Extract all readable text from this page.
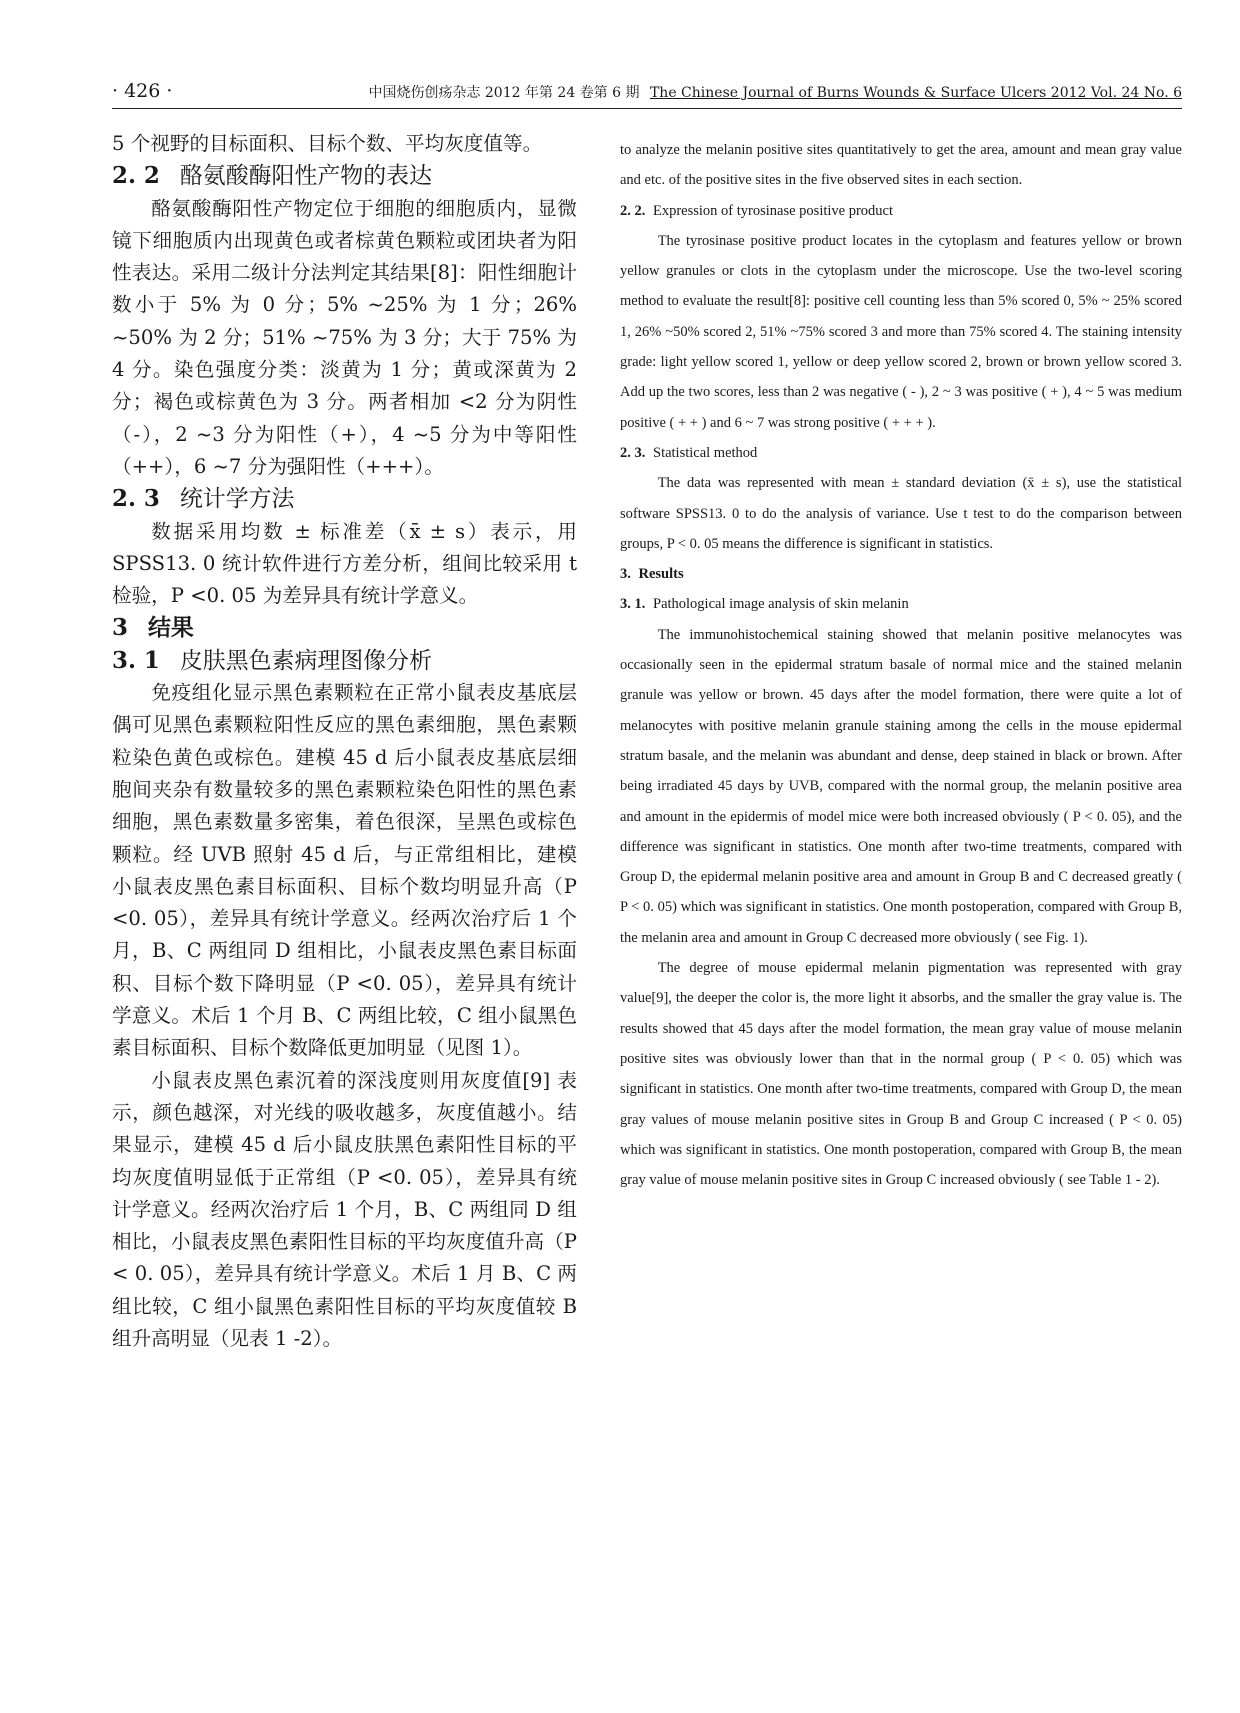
· 426 ·	中国烧伤创疡杂志 2012 年第 24 卷第 6 期 The Chinese Journal of Burns Wounds & Surface Ulcers 2012 Vol. 24 No. 6

5 个视野的目标面积、目标个数、平均灰度值等。

2. 2 酪氨酸酶阳性产物的表达

酪氨酸酶阳性产物定位于细胞的细胞质内，显微镜下细胞质内出现黄色或者棕黄色颗粒或团块者为阳性表达。采用二级计分法判定其结果[8]：阳性细胞计数小于 5% 为 0 分；5% ~25% 为 1 分；26% ~50% 为 2 分；51% ~75% 为 3 分；大于 75% 为 4 分。染色强度分类：淡黄为 1 分；黄或深黄为 2 分；褐色或棕黄色为 3 分。两者相加 <2 分为阴性（-），2 ~3 分为阳性（+），4 ~5 分为中等阳性（++），6 ~7 分为强阳性（+++）。

2. 3 统计学方法

数据采用均数 ± 标准差（x̄ ± s）表示，用 SPSS13. 0 统计软件进行方差分析，组间比较采用 t 检验，P <0. 05 为差异具有统计学意义。

3 结果
3. 1 皮肤黑色素病理图像分析

免疫组化显示黑色素颗粒在正常小鼠表皮基底层偶可见黑色素颗粒阳性反应的黑色素细胞，黑色素颗粒染色黄色或棕色。建模 45 d 后小鼠表皮基底层细胞间夹杂有数量较多的黑色素颗粒染色阳性的黑色素细胞，黑色素数量多密集，着色很深，呈黑色或棕色颗粒。经 UVB 照射 45 d 后，与正常组相比，建模小鼠表皮黑色素目标面积、目标个数均明显升高（P <0. 05），差异具有统计学意义。经两次治疗后 1 个月，B、C 两组同 D 组相比，小鼠表皮黑色素目标面积、目标个数下降明显（P <0. 05），差异具有统计学意义。术后 1 个月 B、C 两组比较，C 组小鼠黑色素目标面积、目标个数降低更加明显（见图 1）。

小鼠表皮黑色素沉着的深浅度则用灰度值[9] 表示，颜色越深，对光线的吸收越多，灰度值越小。结果显示，建模 45 d 后小鼠皮肤黑色素阳性目标的平均灰度值明显低于正常组（P <0. 05），差异具有统计学意义。经两次治疗后 1 个月，B、C 两组同 D 组相比，小鼠表皮黑色素阳性目标的平均灰度值升高（P < 0. 05），差异具有统计学意义。术后 1 月 B、C 两组比较，C 组小鼠黑色素阳性目标的平均灰度值较 B 组升高明显（见表 1 -2）。

to analyze the melanin positive sites quantitatively to get the area, amount and mean gray value and etc. of the positive sites in the five observed sites in each section.

2. 2. Expression of tyrosinase positive product

The tyrosinase positive product locates in the cytoplasm and features yellow or brown yellow granules or clots in the cytoplasm under the microscope. Use the two-level scoring method to evaluate the result[8]: positive cell counting less than 5% scored 0, 5% ~ 25% scored 1, 26% ~50% scored 2, 51% ~75% scored 3 and more than 75% scored 4. The staining intensity grade: light yellow scored 1, yellow or deep yellow scored 2, brown or brown yellow scored 3. Add up the two scores, less than 2 was negative ( - ), 2 ~ 3 was positive ( + ), 4 ~ 5 was medium positive ( + + ) and 6 ~ 7 was strong positive ( + + + ).

2. 3. Statistical method

The data was represented with mean ± standard deviation (x̄ ± s), use the statistical software SPSS13. 0 to do the analysis of variance. Use t test to do the comparison between groups, P < 0. 05 means the difference is significant in statistics.

3. Results
3. 1. Pathological image analysis of skin melanin

The immunohistochemical staining showed that melanin positive melanocytes was occasionally seen in the epidermal stratum basale of normal mice and the stained melanin granule was yellow or brown. 45 days after the model formation, there were quite a lot of melanocytes with positive melanin granule staining among the cells in the mouse epidermal stratum basale, and the melanin was abundant and dense, deep stained in black or brown. After being irradiated 45 days by UVB, compared with the normal group, the melanin positive area and amount in the epidermis of model mice were both increased obviously ( P < 0. 05), and the difference was significant in statistics. One month after two-time treatments, compared with Group D, the epidermal melanin positive area and amount in Group B and C decreased greatly ( P < 0. 05) which was significant in statistics. One month postoperation, compared with Group B, the melanin area and amount in Group C decreased more obviously ( see Fig. 1).

The degree of mouse epidermal melanin pigmentation was represented with gray value[9], the deeper the color is, the more light it absorbs, and the smaller the gray value is. The results showed that 45 days after the model formation, the mean gray value of mouse melanin positive sites was obviously lower than that in the normal group ( P < 0. 05) which was significant in statistics. One month after two-time treatments, compared with Group D, the mean gray values of mouse melanin positive sites in Group B and Group C increased ( P < 0. 05) which was significant in statistics. One month postoperation, compared with Group B, the mean gray value of mouse melanin positive sites in Group C increased obviously ( see Table 1 - 2).
